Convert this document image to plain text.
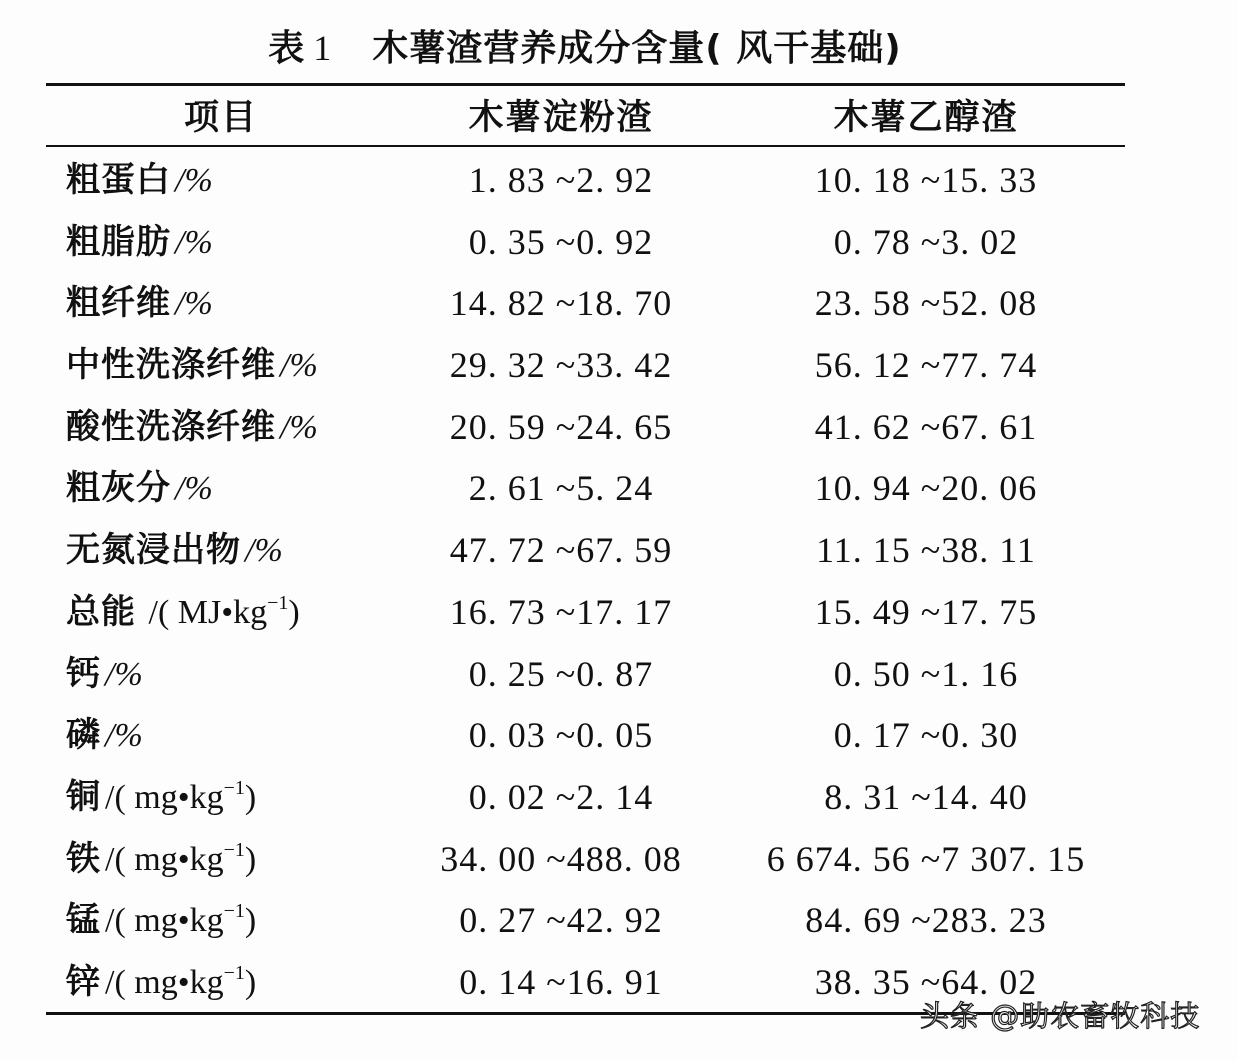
表 1 木薯渣营养成分含量( 风干基础)
项目	木薯淀粉渣	木薯乙醇渣
粗蛋白 /%	1. 83 ~2. 92	10. 18 ~15. 33
粗脂肪 /%	0. 35 ~0. 92	0. 78 ~3. 02
粗纤维 /%	14. 82 ~18. 70	23. 58 ~52. 08
中性洗涤纤维 /%	29. 32 ~33. 42	56. 12 ~77. 74
酸性洗涤纤维 /%	20. 59 ~24. 65	41. 62 ~67. 61
粗灰分 /%	2. 61 ~5. 24	10. 94 ~20. 06
无氮浸出物 /%	47. 72 ~67. 59	11. 15 ~38. 11
总能 /( $MJ•kg^{-1}$)	16. 73 ~17. 17	15. 49 ~17. 75
钙 /%	0. 25 ~0. 87	0. 50 ~1. 16
磷 /%	0. 03 ~0. 05	0. 17 ~0. 30
铜 /( $mg•kg^{-1}$)	0. 02 ~2. 14	8. 31 ~14. 40
铁 /( $mg•kg^{-1}$)	34. 00 ~488. 08	6 674. 56 ~7 307. 15
锰 /( $mg•kg^{-1}$)	0. 27 ~42. 92	84. 69 ~283. 23
锌 /( $mg•kg^{-1}$)	0. 14 ~16. 91	38. 35 ~64. 02
头条 @助农畜牧科技
